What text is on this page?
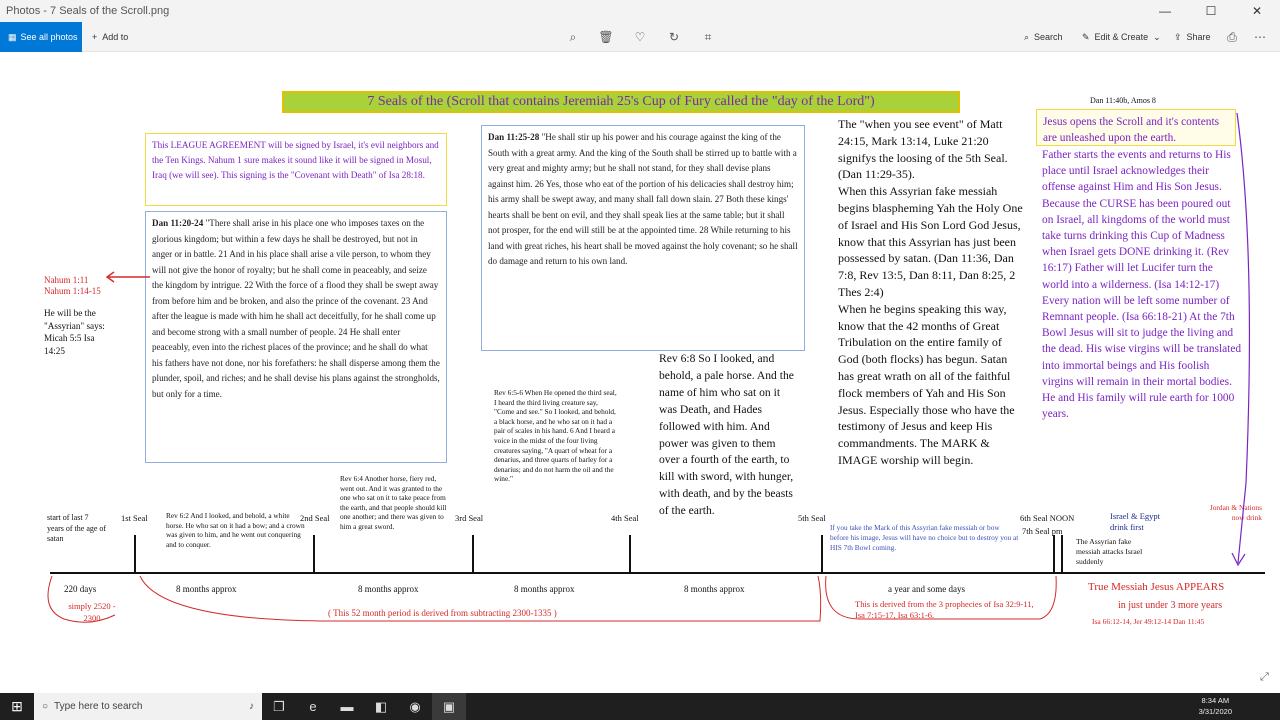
Photos - 7 Seals of the Scroll.png	—	☐	✕
▦ See all photos + Add to	⌕	🗑 ♡ ↻	⌗	⌕ Search ✎ Edit & Create ⌄ ⇪ Share ⎙ ⋯
7 Seals of the (Scroll that contains Jeremiah 25's Cup of Fury called the "day of the Lord")	Dan 11:40b, Amos 8
This LEAGUE AGREEMENT will be signed by Israel, it's evil neighbors and the Ten Kings. Nahum 1 sure makes it sound like it will be signed in Mosul, Iraq (we will see). This signing is the "Covenant with Death" of Isa 28:18.
Dan 11:20-24 "There shall arise in his place one who imposes taxes on the glorious kingdom; but within a few days he shall be destroyed, but not in anger or in battle. 21 And in his place shall arise a vile person, to whom they will not give the honor of royalty; but he shall come in peaceably, and seize the kingdom by intrigue. 22 With the force of a flood they shall be swept away from before him and be broken, and also the prince of the covenant. 23 And after the league is made with him he shall act deceitfully, for he shall come up and become strong with a small number of people. 24 He shall enter peaceably, even into the richest places of the province; and he shall do what his fathers have not done, nor his forefathers: he shall disperse among them the plunder, spoil, and riches; and he shall devise his plans against the strongholds, but only for a time.
Nahum 1:11
Nahum 1:14-15
He will be the "Assyrian" says: Micah 5:5 Isa 14:25
Dan 11:25-28 "He shall stir up his power and his courage against the king of the South with a great army. And the king of the South shall be stirred up to battle with a very great and mighty army; but he shall not stand, for they shall devise plans against him. 26 Yes, those who eat of the portion of his delicacies shall destroy him; his army shall be swept away, and many shall fall down slain. 27 Both these kings' hearts shall be bent on evil, and they shall speak lies at the same table; but it shall not prosper, for the end will still be at the appointed time. 28 While returning to his land with great riches, his heart shall be moved against the holy covenant; so he shall do damage and return to his own land.
The "when you see event" of Matt 24:15, Mark 13:14, Luke 21:20 signifys the loosing of the 5th Seal. (Dan 11:29-35).
When this Assyrian fake messiah begins blaspheming Yah the Holy One of Israel and His Son Lord God Jesus, know that this Assyrian has just been possessed by satan. (Dan 11:36, Dan 7:8, Rev 13:5, Dan 8:11, Dan 8:25, 2 Thes 2:4)
When he begins speaking this way, know that the 42 months of Great Tribulation on the entire family of God (both flocks) has begun. Satan has great wrath on all of the faithful flock members of Yah and His Son Jesus. Especially those who have the testimony of Jesus and keep His commandments. The MARK & IMAGE worship will begin.
Jesus opens the Scroll and it's contents are unleashed upon the earth.
Father starts the events and returns to His place until Israel acknowledges their offense against Him and His Son Jesus. Because the CURSE has been poured out on Israel, all kingdoms of the world must take turns drinking this Cup of Madness when Israel gets DONE drinking it. (Rev 16:17) Father will let Lucifer turn the world into a wilderness. (Isa 14:12-17) Every nation will be left some number of Remnant people. (Isa 66:18-21) At the 7th Bowl Jesus will sit to judge the living and the dead. His wise virgins will be translated into immortal beings and His foolish virgins will remain in their mortal bodies. He and His family will rule earth for 1000 years.
Rev 6:8 So I looked, and behold, a pale horse. And the name of him who sat on it was Death, and Hades followed with him. And power was given to them over a fourth of the earth, to kill with sword, with hunger, with death, and by the beasts of the earth.
Rev 6:5-6 When He opened the third seal, I heard the third living creature say, "Come and see." So I looked, and behold, a black horse, and he who sat on it had a pair of scales in his hand. 6 And I heard a voice in the midst of the four living creatures saying, "A quart of wheat for a denarius, and three quarts of barley for a denarius; and do not harm the oil and the wine."
Rev 6:4 Another horse, fiery red, went out. And it was granted to the one who sat on it to take peace from the earth, and that people should kill one another; and there was given to him a great sword.
Rev 6:2 And I looked, and behold, a white horse. He who sat on it had a bow; and a crown was given to him, and he went out conquering and to conquer.
start of last 7 years of the age of satan
1st Seal	2nd Seal	3rd Seal	4th Seal	5th Seal	6th Seal NOON
7th Seal pm
If you take the Mark of this Assyrian fake messiah or bow before his image, Jesus will have no choice but to destroy you at HIS 7th Bowl coming.
Israel & Egypt drink first
Jordan & Nations now drink
The Assyrian fake messiah attacks Israel suddenly
220 days	8 months approx	8 months approx	8 months approx	8 months approx	a year and some days
simply 2520 - 2300	( This 52 month period is derived from subtracting 2300-1335 )
This is derived from the 3 prophecies of Isa 32:9-11, Isa 7:15-17, Isa 63:1-6.
True Messiah Jesus APPEARS
in just under 3 more years
Isa 66:12-14, Jer 49:12-14 Dan 11:45
⤢
⊞	○ Type here to search	♪	❐	e	▬	◧	◉	▣	8:34 AM
3/31/2020
